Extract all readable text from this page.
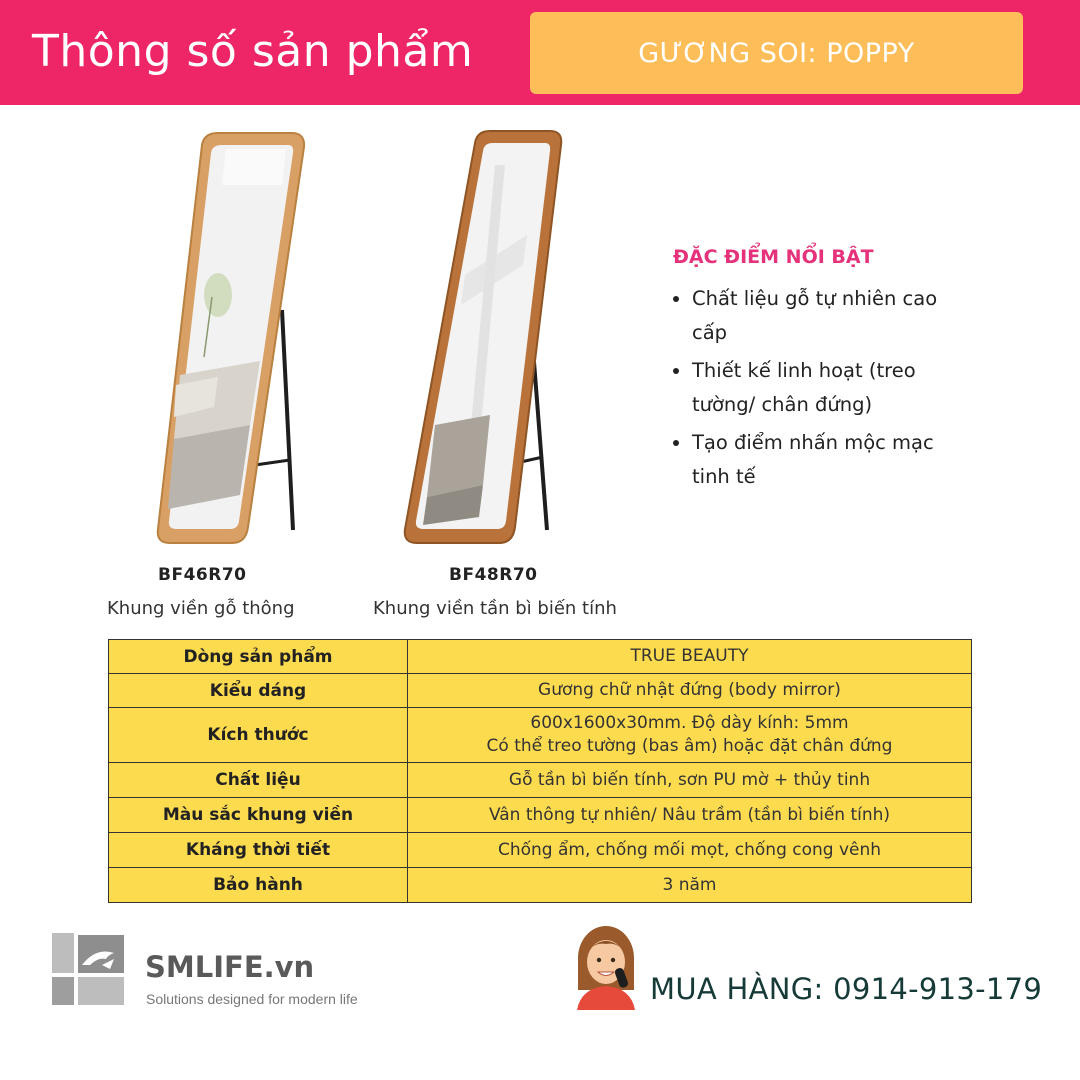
Thông số sản phẩm	GƯƠNG SOI: POPPY
BF46R70
Khung viền gỗ thông
BF48R70
Khung viền tần bì biến tính
ĐẶC ĐIỂM NỔI BẬT
Chất liệu gỗ tự nhiên cao cấp
Thiết kế linh hoạt (treo tường/ chân đứng)
Tạo điểm nhấn mộc mạc tinh tế
Dòng sản phẩm	TRUE BEAUTY
Kiểu dáng	Gương chữ nhật đứng (body mirror)
Kích thước	600x1600x30mm. Độ dày kính: 5mm
Có thể treo tường (bas âm) hoặc đặt chân đứng

Chất liệu	Gỗ tần bì biến tính, sơn PU mờ + thủy tinh
Màu sắc khung viền	Vân thông tự nhiên/ Nâu trầm (tần bì biến tính)
Kháng thời tiết	Chống ẩm, chống mối mọt, chống cong vênh
Bảo hành	3 năm
SMLIFE.vn
Solutions designed for modern life	MUA HÀNG: 0914-913-179
